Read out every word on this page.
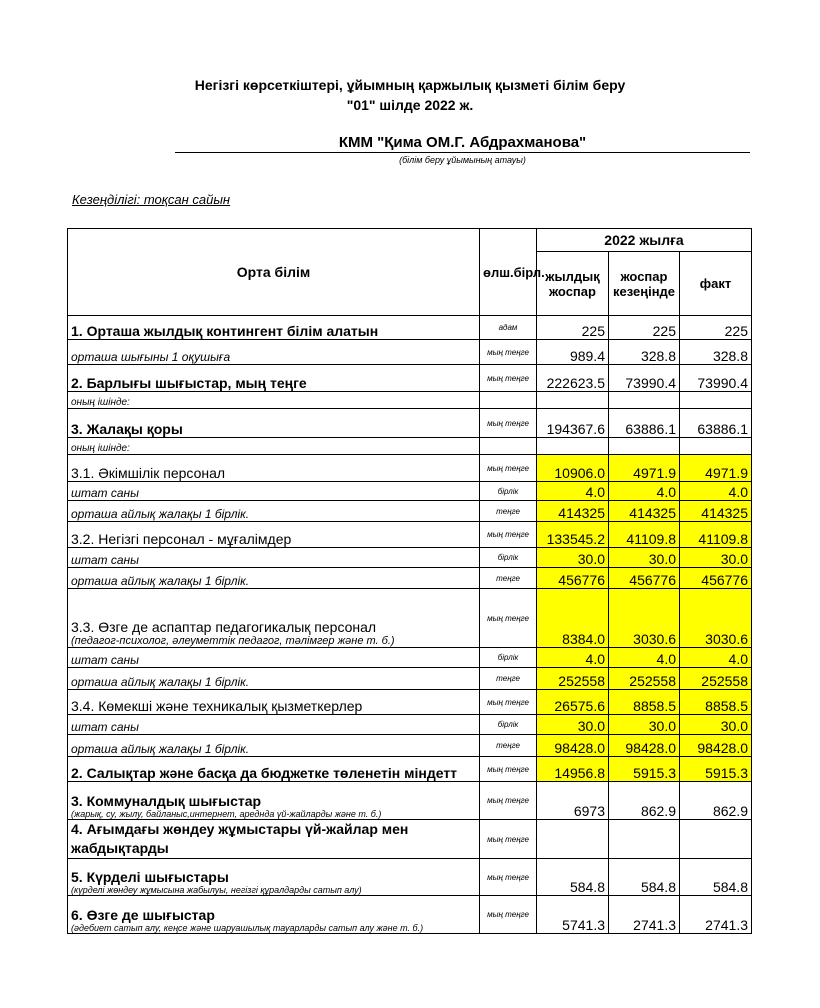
Негізгі көрсеткіштері, ұйымның қаржылық қызметі білім беру
"01" шілде 2022 ж.
КММ "Қима ОМ.Г. Абдрахманова"
(білім беру ұйымының атауы)
Кезеңділігі: тоқсан сайын
Орта білім	өлш.бірл.	2022 жылға		
		жылдық жоспар	жоспар кезеңінде	факт
1. Орташа жылдық контингент білім алатын	адам	225	225	225
орташа шығыны 1 оқушыға	мың теңге	989.4	328.8	328.8
2. Барлығы шығыстар, мың теңге	мың теңге	222623.5	73990.4	73990.4
оның ішінде:				
3. Жалақы қоры	мың теңге	194367.6	63886.1	63886.1
оның ішінде:				
3.1. Әкімшілік персонал	мың теңге	10906.0	4971.9	4971.9
штат саны	бірлік	4.0	4.0	4.0
орташа айлық жалақы 1 бірлік.	теңге	414325	414325	414325
3.2. Негізгі персонал - мұғалімдер	мың теңге	133545.2	41109.8	41109.8
штат саны	бірлік	30.0	30.0	30.0
орташа айлық жалақы 1 бірлік.	теңге	456776	456776	456776

3.3. Өзге де аспаптар педагогикалық персонал
(педагог-психолог, әлеуметтік педагог, тәлімгер және т. б.)	мың теңге	8384.0	3030.6	3030.6
штат саны	бірлік	4.0	4.0	4.0
орташа айлық жалақы 1 бірлік.	теңге	252558	252558	252558
3.4. Көмекші және техникалық қызметкерлер	мың теңге	26575.6	8858.5	8858.5
штат саны	бірлік	30.0	30.0	30.0
орташа айлық жалақы 1 бірлік.	теңге	98428.0	98428.0	98428.0
2. Салықтар және басқа да бюджетке төленетін міндетт	мың теңге	14956.8	5915.3	5915.3

3. Коммуналдық шығыстар
(жарық, су, жылу, байланыс,интернет, ареднда үй-жайларды және т. б.)	мың теңге	6973	862.9	862.9
4. Ағымдағы жөндеу жұмыстары үй-жайлар мен жабдықтарды	мың теңге			

5. Күрделі шығыстары
(күрделі жөндеу жұмысына жабылуы, негізгі құралдарды сатып алу)	мың теңге	584.8	584.8	584.8

6. Өзге де шығыстар
(әдебиет сатып алу, кеңсе және шаруашылық тауарларды сатып алу және т. б.)	мың теңге	5741.3	2741.3	2741.3
